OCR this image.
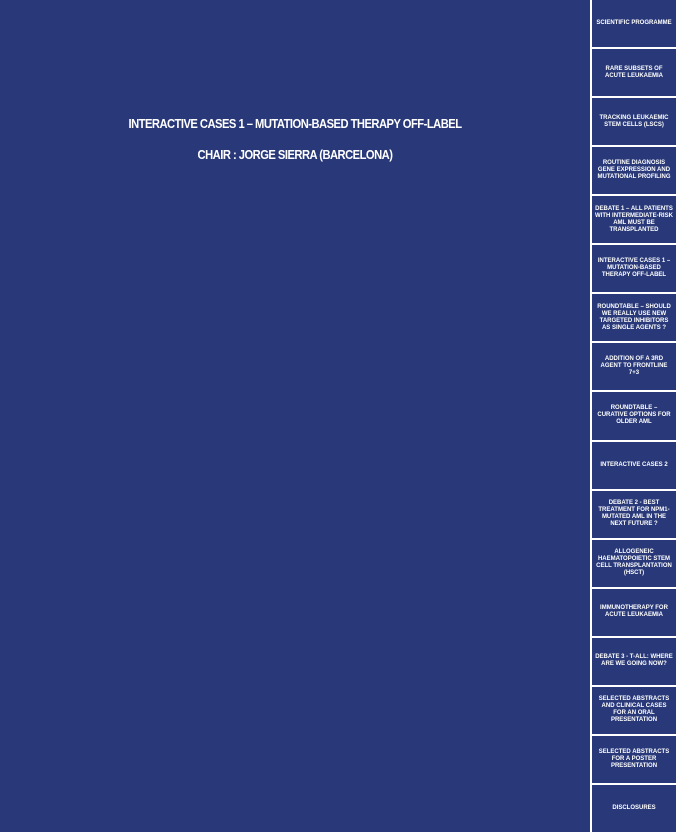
INTERACTIVE CASES 1 – MUTATION-BASED THERAPY OFF-LABEL
CHAIR : JORGE SIERRA (BARCELONA)
SCIENTIFIC PROGRAMME
RARE SUBSETS OF ACUTE LEUKAEMIA
TRACKING LEUKAEMIC STEM CELLS (LSCS)
ROUTINE DIAGNOSIS GENE EXPRESSION AND MUTATIONAL PROFILING
DEBATE 1 – ALL PATIENTS WITH INTERMEDIATE-RISK AML MUST BE TRANSPLANTED
INTERACTIVE CASES 1 – MUTATION-BASED THERAPY OFF-LABEL
ROUNDTABLE – SHOULD WE REALLY USE NEW TARGETED INHIBITORS AS SINGLE AGENTS ?
ADDITION OF A 3RD AGENT TO FRONTLINE 7+3
ROUNDTABLE – CURATIVE OPTIONS FOR OLDER AML
INTERACTIVE CASES 2
DEBATE 2 - BEST TREATMENT FOR NPM1-MUTATED AML IN THE NEXT FUTURE ?
ALLOGENEIC HAEMATOPOIETIC STEM CELL TRANSPLANTATION (HSCT)
IMMUNOTHERAPY FOR ACUTE LEUKAEMIA
DEBATE 3 - T-ALL: WHERE ARE WE GOING NOW?
SELECTED ABSTRACTS AND CLINICAL CASES FOR AN ORAL PRESENTATION
SELECTED ABSTRACTS FOR A POSTER PRESENTATION
DISCLOSURES
